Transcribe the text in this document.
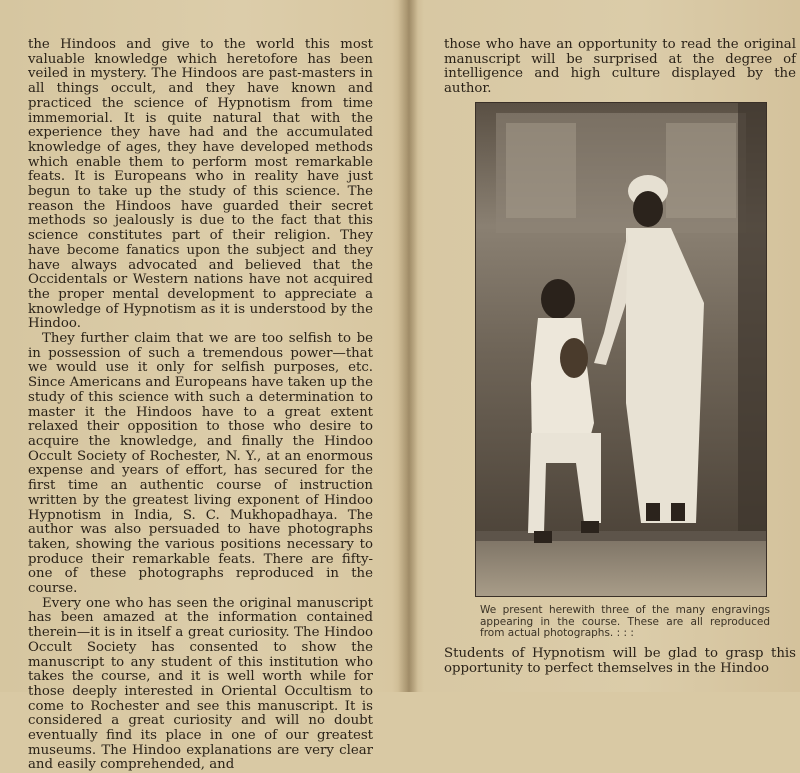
the Hindoos and give to the world this most valuable knowledge which heretofore has been veiled in mystery. The Hindoos are past-masters in all things occult, and they have known and practiced the science of Hypnotism from time immemorial. It is quite natural that with the experience they have had and the accumulated knowledge of ages, they have developed methods which enable them to perform most remarkable feats. It is Europeans who in reality have just begun to take up the study of this science. The reason the Hindoos have guarded their secret methods so jealously is due to the fact that this science constitutes part of their religion. They have become fanatics upon the subject and they have always advocated and believed that the Occidentals or Western nations have not acquired the proper mental development to appreciate a knowledge of Hypnotism as it is understood by the Hindoo.

They further claim that we are too selfish to be in possession of such a tremendous power—that we would use it only for selfish purposes, etc. Since Americans and Europeans have taken up the study of this science with such a determination to master it the Hindoos have to a great extent relaxed their opposition to those who desire to acquire the knowledge, and finally the Hindoo Occult Society of Rochester, N. Y., at an enormous expense and years of effort, has secured for the first time an authentic course of instruction written by the greatest living exponent of Hindoo Hypnotism in India, S. C. Mukhopadhaya. The author was also persuaded to have photographs taken, showing the various positions necessary to produce their remarkable feats. There are fifty-one of these photographs reproduced in the course.

Every one who has seen the original manuscript has been amazed at the information contained therein—it is in itself a great curiosity. The Hindoo Occult Society has consented to show the manuscript to any student of this institution who takes the course, and it is well worth while for those deeply interested in Oriental Occultism to come to Rochester and see this manuscript. It is considered a great curiosity and will no doubt eventually find its place in one of our greatest museums. The Hindoo explanations are very clear and easily comprehended, and

those who have an opportunity to read the original manuscript will be surprised at the degree of intelligence and high culture displayed by the author.

We present herewith three of the many engravings appearing in the course. These are all reproduced from actual photographs. : : :

Students of Hypnotism will be glad to grasp this opportunity to perfect themselves in the Hindoo
